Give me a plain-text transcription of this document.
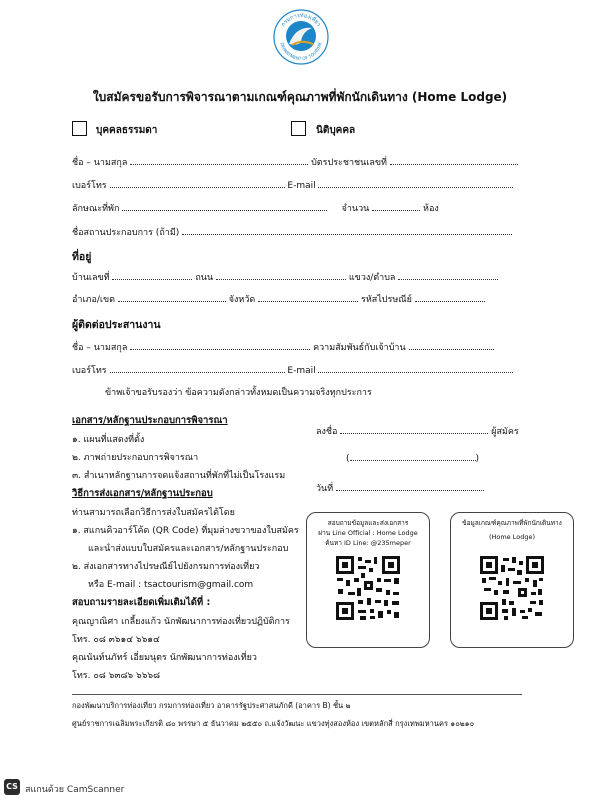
กรมการท่องเที่ยว
DEPARTMENT OF TOURISM
ใบสมัครขอรับการพิจารณาตามเกณฑ์คุณภาพที่พักนักเดินทาง (Home Lodge)
บุคคลธรรมดา	นิติบุคคล
ชื่อ – นามสกุล	บัตรประชาชนเลขที่
เบอร์โทร	E-mail
ลักษณะที่พัก	จำนวน	ห้อง
ชื่อสถานประกอบการ (ถ้ามี)
ที่อยู่
บ้านเลขที่	ถนน	แขวง/ตำบล
อำเภอ/เขต	จังหวัด	รหัสไปรษณีย์
ผู้ติดต่อประสานงาน
ชื่อ – นามสกุล	ความสัมพันธ์กับเจ้าบ้าน
เบอร์โทร	E-mail
ข้าพเจ้าขอรับรองว่า ข้อความดังกล่าวทั้งหมดเป็นความจริงทุกประการ
เอกสาร/หลักฐานประกอบการพิจารณา
๑. แผนที่แสดงที่ตั้ง
๒. ภาพถ่ายประกอบการพิจารณา
๓. สำเนาหลักฐานการจดแจ้งสถานที่พักที่ไม่เป็นโรงแรม
วิธีการส่งเอกสาร/หลักฐานประกอบ
ท่านสามารถเลือกวิธีการส่งใบสมัครได้โดย
๑. สแกนคิวอาร์โค้ด (QR Code) ที่มุมล่างขวาของใบสมัคร
และนำส่งแบบใบสมัครและเอกสาร/หลักฐานประกอบ
๒. ส่งเอกสารทางไปรษณีย์ไปยังกรมการท่องเที่ยว
หรือ E-mail : tsactourism@gmail.com
สอบถามรายละเอียดเพิ่มเติมได้ที่ :
คุณญาณิศา เกลี้ยงแก้ว นักพัฒนาการท่องเที่ยวปฏิบัติการ
โทร. ๐๘ ๓๖๑๔ ๖๖๑๔
คุณนันท์นภัทร์ เอี่ยมนุตร นักพัฒนาการท่องเที่ยว
โทร. ๐๘ ๖๓๘๖ ๖๖๖๘
ลงชื่อ	ผู้สมัคร
(	)
วันที่
สอบถามข้อมูลและส่งเอกสาร
ผ่าน Line Official : Home Lodge
ค้นหา ID Line: @235meper
ข้อมูลเกณฑ์คุณภาพที่พักนักเดินทาง
(Home Lodge)
กองพัฒนาบริการท่องเที่ยว กรมการท่องเที่ยว อาคารรัฐประศาสนภักดี (อาคาร B) ชั้น ๒
ศูนย์ราชการเฉลิมพระเกียรติ ๘๐ พรรษา ๕ ธันวาคม ๒๕๕๐ ถ.แจ้งวัฒนะ แขวงทุ่งสองห้อง เขตหลักสี่ กรุงเทพมหานคร ๑๐๒๑๐
CS สแกนด้วย CamScanner
